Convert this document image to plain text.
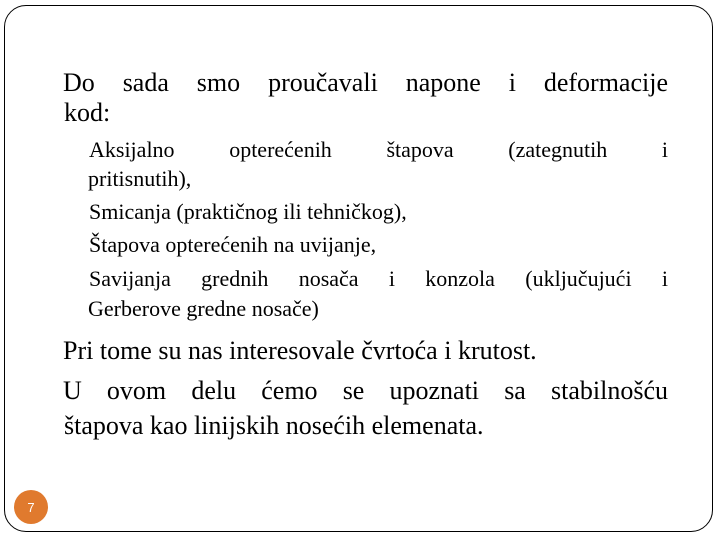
Do sada smo proučavali napone i deformacije
kod:
Aksijalno opterećenih štapova (zategnutih i
pritisnutih),
Smicanja (praktičnog ili tehničkog),
Štapova opterećenih na uvijanje,
Savijanja grednih nosača i konzola (uključujući i
Gerberove gredne nosače)
Pri tome su nas interesovale čvrtoća i krutost.
U ovom delu ćemo se upoznati sa stabilnošću
štapova kao linijskih nosećih elemenata.
7
